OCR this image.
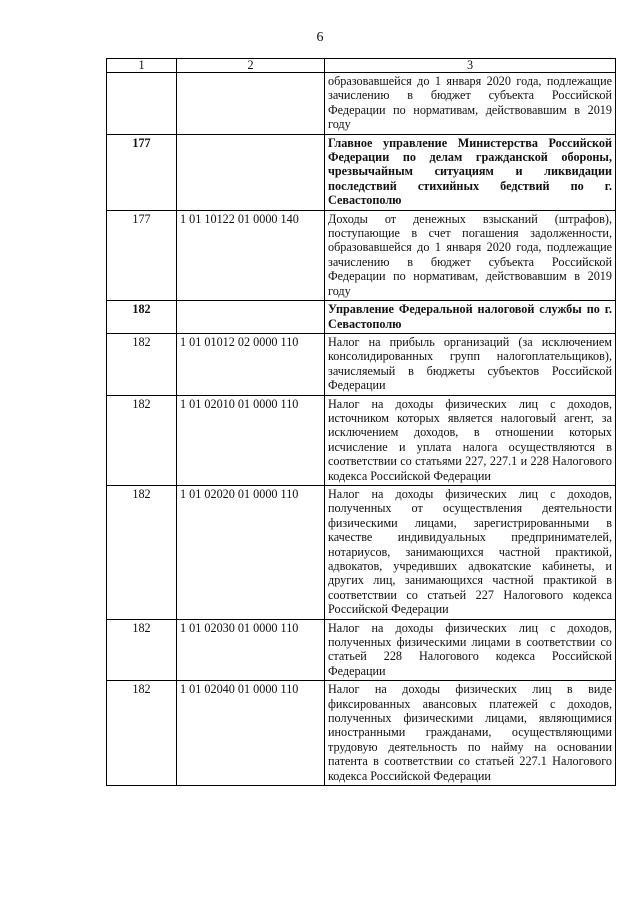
6
1	2	3
		образовавшейся до 1 января 2020 года, подлежащие зачислению в бюджет субъекта Российской Федерации по нормативам, действовавшим в 2019 году
177		Главное управление Министерства Российской Федерации по делам гражданской обороны, чрезвычайным ситуациям и ликвидации последствий стихийных бедствий по г. Севастополю
177	1 01 10122 01 0000 140	Доходы от денежных взысканий (штрафов), поступающие в счет погашения задолженности, образовавшейся до 1 января 2020 года, подлежащие зачислению в бюджет субъекта Российской Федерации по нормативам, действовавшим в 2019 году
182		Управление Федеральной налоговой службы по г. Севастополю
182	1 01 01012 02 0000 110	Налог на прибыль организаций (за исключением консолидированных групп налогоплательщиков), зачисляемый в бюджеты субъектов Российской Федерации
182	1 01 02010 01 0000 110	Налог на доходы физических лиц с доходов, источником которых является налоговый агент, за исключением доходов, в отношении которых исчисление и уплата налога осуществляются в соответствии со статьями 227, 227.1 и 228 Налогового кодекса Российской Федерации
182	1 01 02020 01 0000 110	Налог на доходы физических лиц с доходов, полученных от осуществления деятельности физическими лицами, зарегистрированными в качестве индивидуальных предпринимателей, нотариусов, занимающихся частной практикой, адвокатов, учредивших адвокатские кабинеты, и других лиц, занимающихся частной практикой в соответствии со статьей 227 Налогового кодекса Российской Федерации
182	1 01 02030 01 0000 110	Налог на доходы физических лиц с доходов, полученных физическими лицами в соответствии со статьей 228 Налогового кодекса Российской Федерации
182	1 01 02040 01 0000 110	Налог на доходы физических лиц в виде фиксированных авансовых платежей с доходов, полученных физическими лицами, являющимися иностранными гражданами, осуществляющими трудовую деятельность по найму на основании патента в соответствии со статьей 227.1 Налогового кодекса Российской Федерации
